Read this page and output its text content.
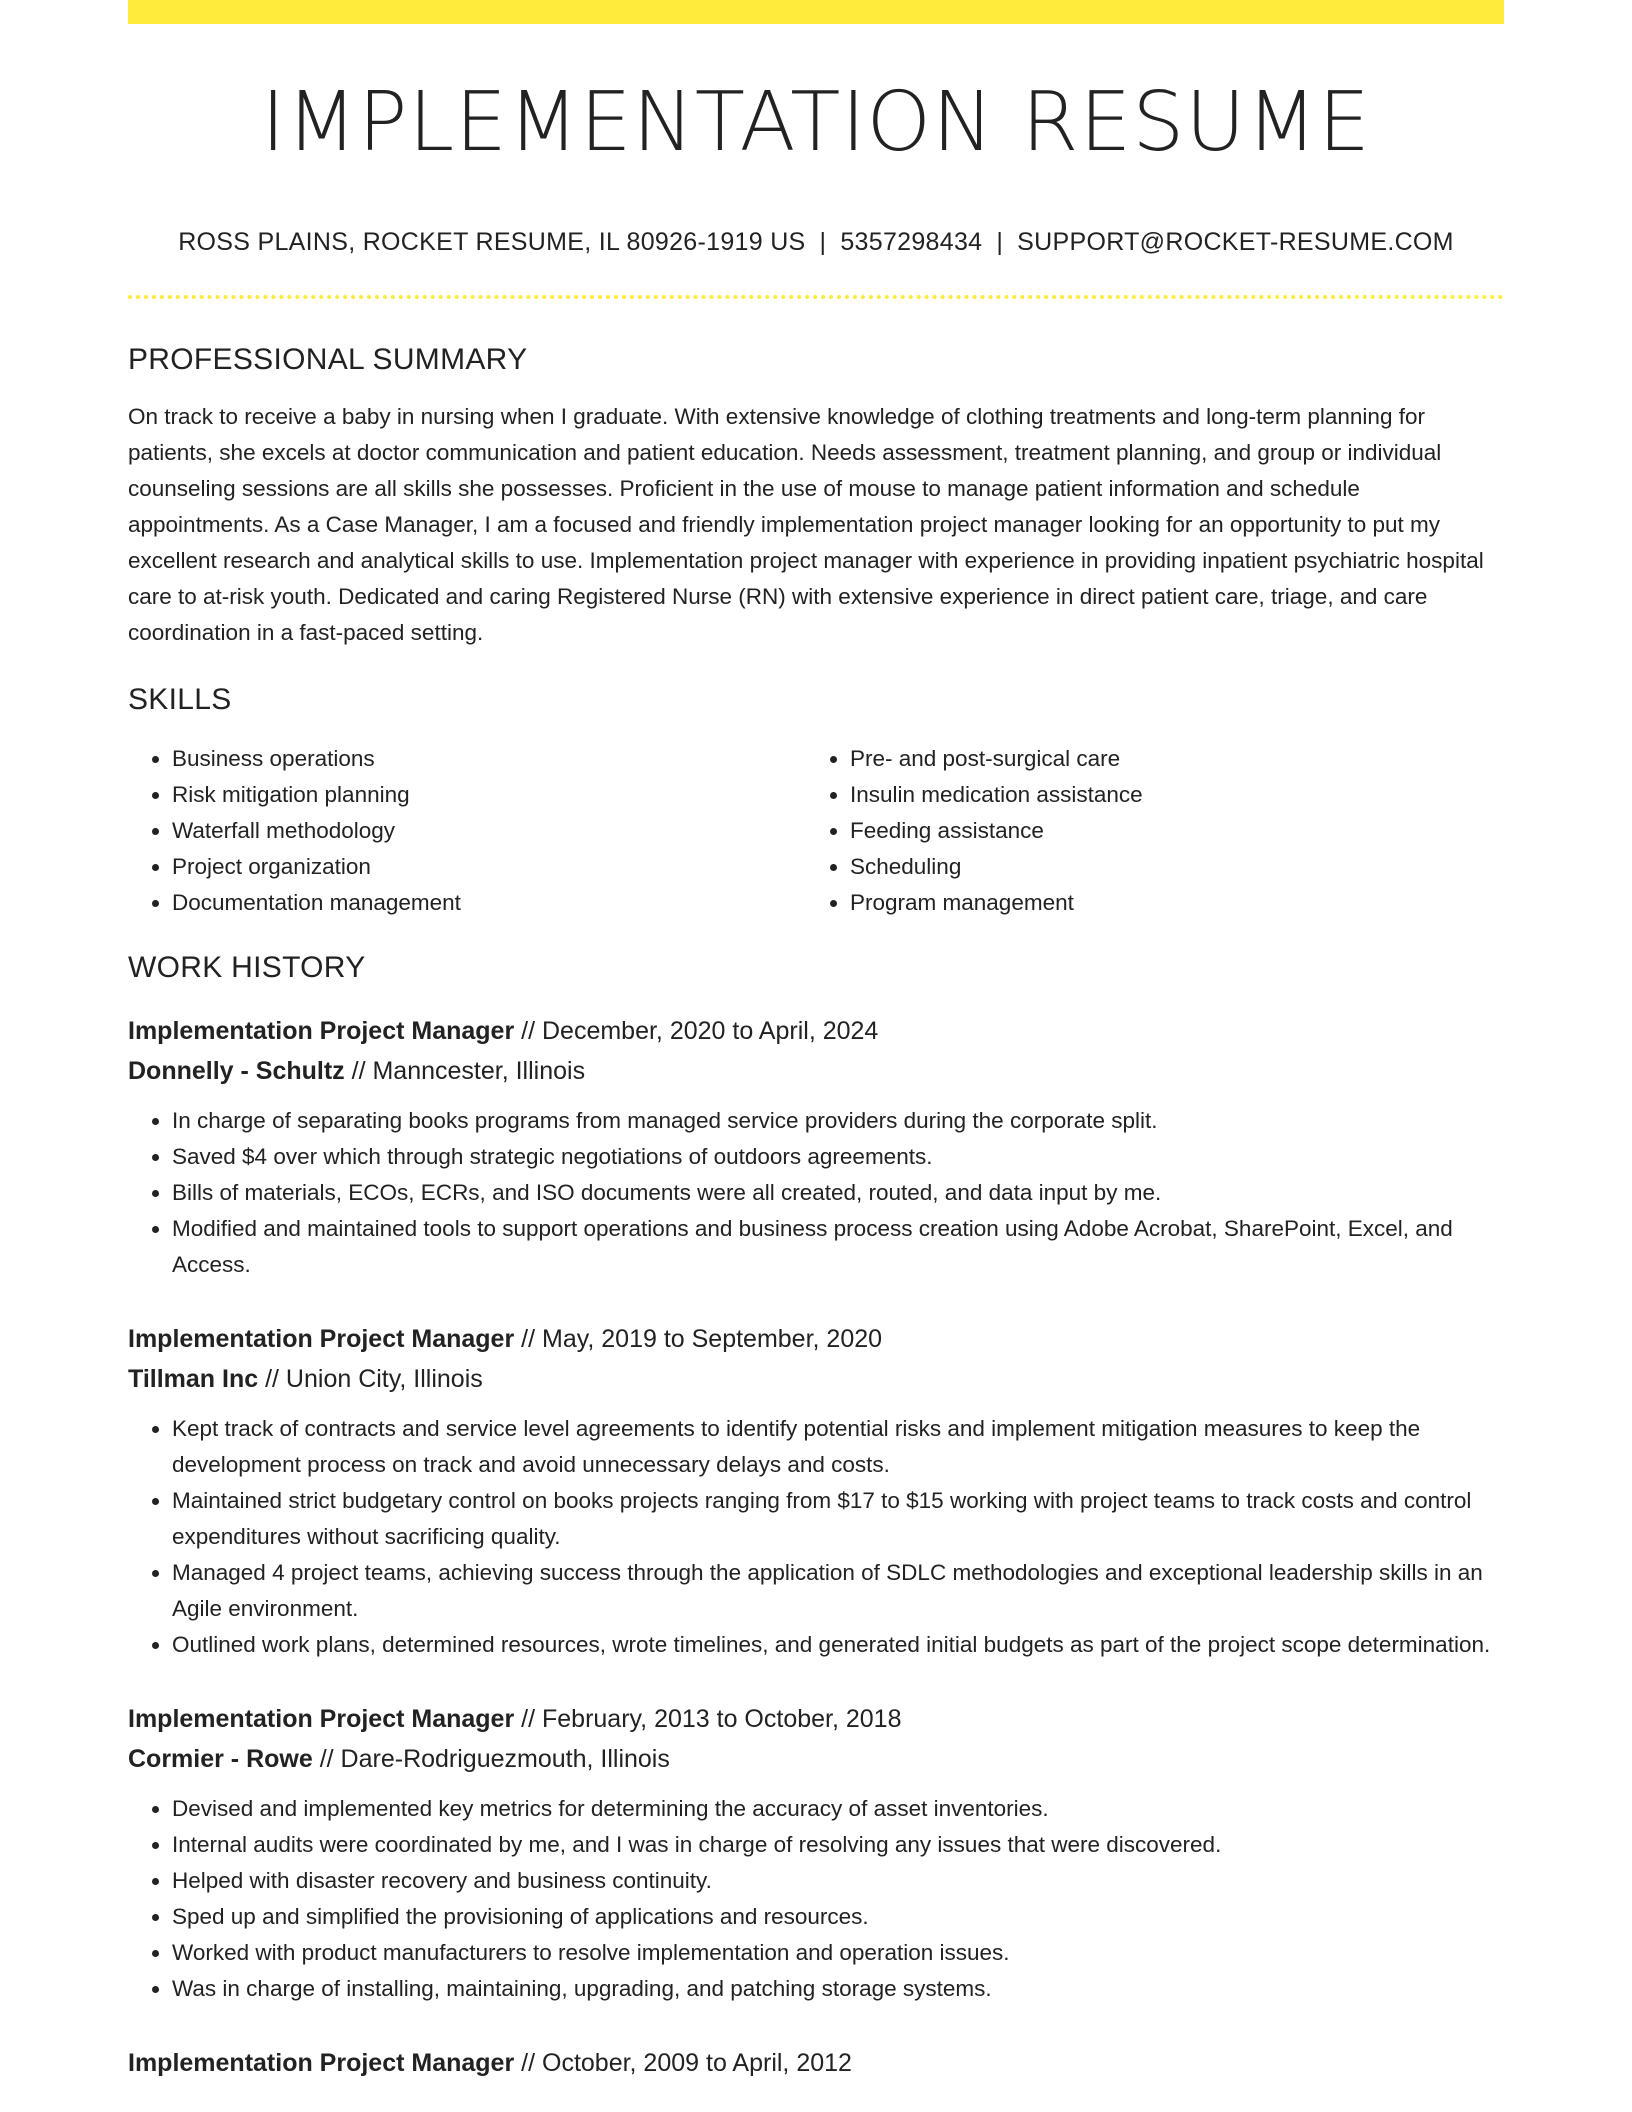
IMPLEMENTATION RESUME
ROSS PLAINS, ROCKET RESUME, IL 80926-1919 US | 5357298434 | SUPPORT@ROCKET-RESUME.COM
PROFESSIONAL SUMMARY

On track to receive a baby in nursing when I graduate. With extensive knowledge of clothing treatments and long-term planning for patients, she excels at doctor communication and patient education. Needs assessment, treatment planning, and group or individual counseling sessions are all skills she possesses. Proficient in the use of mouse to manage patient information and schedule appointments. As a Case Manager, I am a focused and friendly implementation project manager looking for an opportunity to put my excellent research and analytical skills to use. Implementation project manager with experience in providing inpatient psychiatric hospital care to at-risk youth. Dedicated and caring Registered Nurse (RN) with extensive experience in direct patient care, triage, and care coordination in a fast-paced setting.

SKILLS
• Business operations
• Risk mitigation planning
• Waterfall methodology
• Project organization
• Documentation management
• Pre- and post-surgical care
• Insulin medication assistance
• Feeding assistance
• Scheduling
• Program management
WORK HISTORY
Implementation Project Manager // December, 2020 to April, 2024
Donnelly - Schultz // Manncester, Illinois
• In charge of separating books programs from managed service providers during the corporate split.
• Saved $4 over which through strategic negotiations of outdoors agreements.
• Bills of materials, ECOs, ECRs, and ISO documents were all created, routed, and data input by me.
• Modified and maintained tools to support operations and business process creation using Adobe Acrobat, SharePoint, Excel, and Access.
Implementation Project Manager // May, 2019 to September, 2020
Tillman Inc // Union City, Illinois
• Kept track of contracts and service level agreements to identify potential risks and implement mitigation measures to keep the development process on track and avoid unnecessary delays and costs.
• Maintained strict budgetary control on books projects ranging from $17 to $15 working with project teams to track costs and control expenditures without sacrificing quality.
• Managed 4 project teams, achieving success through the application of SDLC methodologies and exceptional leadership skills in an Agile environment.
• Outlined work plans, determined resources, wrote timelines, and generated initial budgets as part of the project scope determination.
Implementation Project Manager // February, 2013 to October, 2018
Cormier - Rowe // Dare-Rodriguezmouth, Illinois
• Devised and implemented key metrics for determining the accuracy of asset inventories.
• Internal audits were coordinated by me, and I was in charge of resolving any issues that were discovered.
• Helped with disaster recovery and business continuity.
• Sped up and simplified the provisioning of applications and resources.
• Worked with product manufacturers to resolve implementation and operation issues.
• Was in charge of installing, maintaining, upgrading, and patching storage systems.
Implementation Project Manager // October, 2009 to April, 2012
